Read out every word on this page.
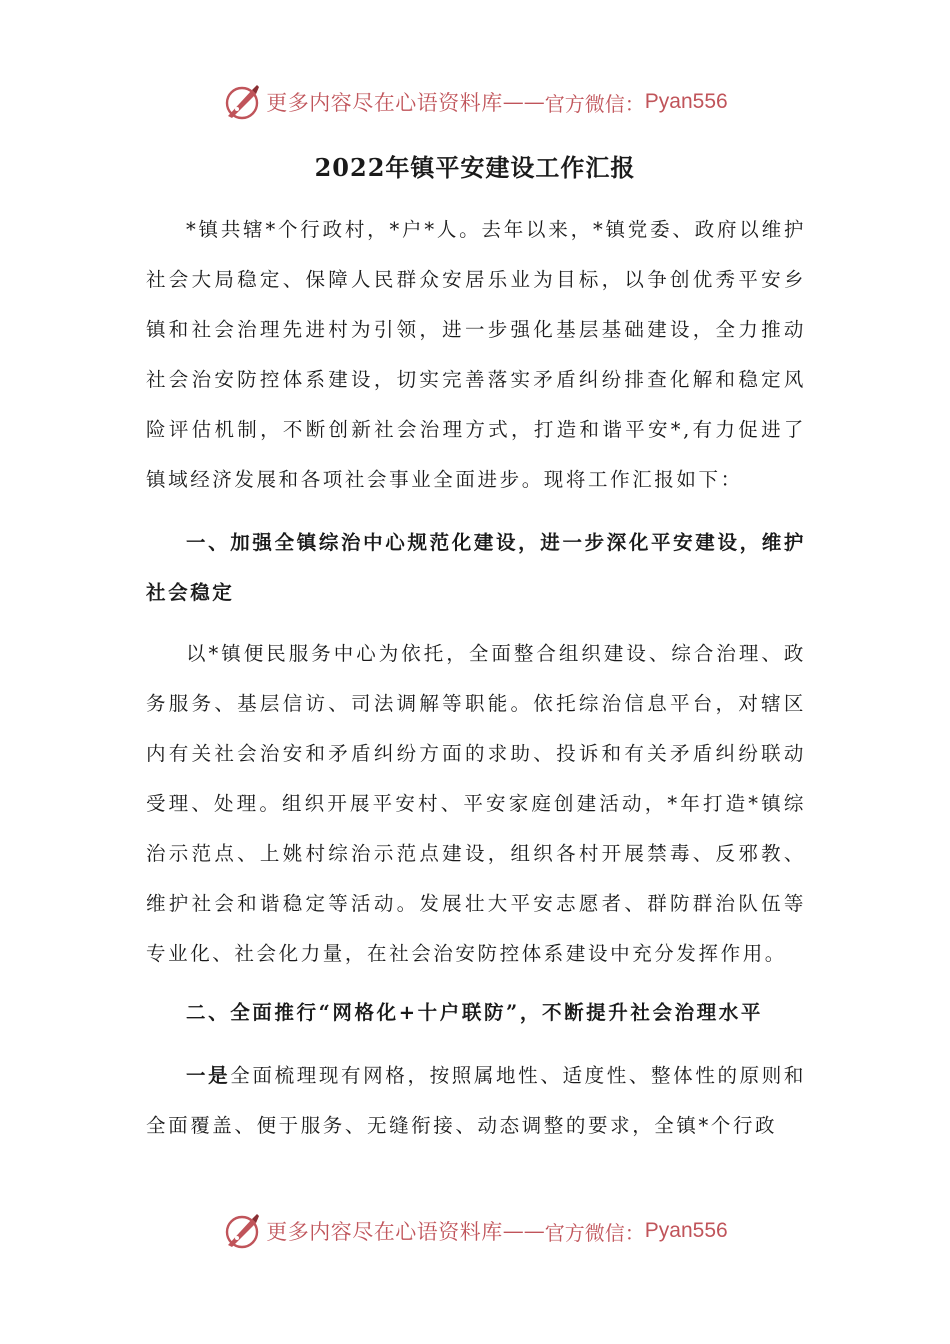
更多内容尽在心语资料库 —— 官方微信： Pyan556
2022年镇平安建设工作汇报

*镇共辖*个行政村，*户*人。去年以来，*镇党委、政府以维护社会大局稳定、保障人民群众安居乐业为目标，以争创优秀平安乡镇和社会治理先进村为引领，进一步强化基层基础建设，全力推动社会治安防控体系建设，切实完善落实矛盾纠纷排查化解和稳定风险评估机制，不断创新社会治理方式，打造和谐平安*,有力促进了镇域经济发展和各项社会事业全面进步。现将工作汇报如下：

一、加强全镇综治中心规范化建设，进一步深化平安建设，维护社会稳定

以*镇便民服务中心为依托，全面整合组织建设、综合治理、政务服务、基层信访、司法调解等职能。依托综治信息平台，对辖区内有关社会治安和矛盾纠纷方面的求助、投诉和有关矛盾纠纷联动受理、处理。组织开展平安村、平安家庭创建活动，*年打造*镇综治示范点、上姚村综治示范点建设，组织各村开展禁毒、反邪教、维护社会和谐稳定等活动。发展壮大平安志愿者、群防群治队伍等专业化、社会化力量，在社会治安防控体系建设中充分发挥作用。

二、全面推行“网格化+十户联防”，不断提升社会治理水平

一是全面梳理现有网格，按照属地性、适度性、整体性的原则和全面覆盖、便于服务、无缝衔接、动态调整的要求，全镇*个行政

更多内容尽在心语资料库 —— 官方微信： Pyan556
